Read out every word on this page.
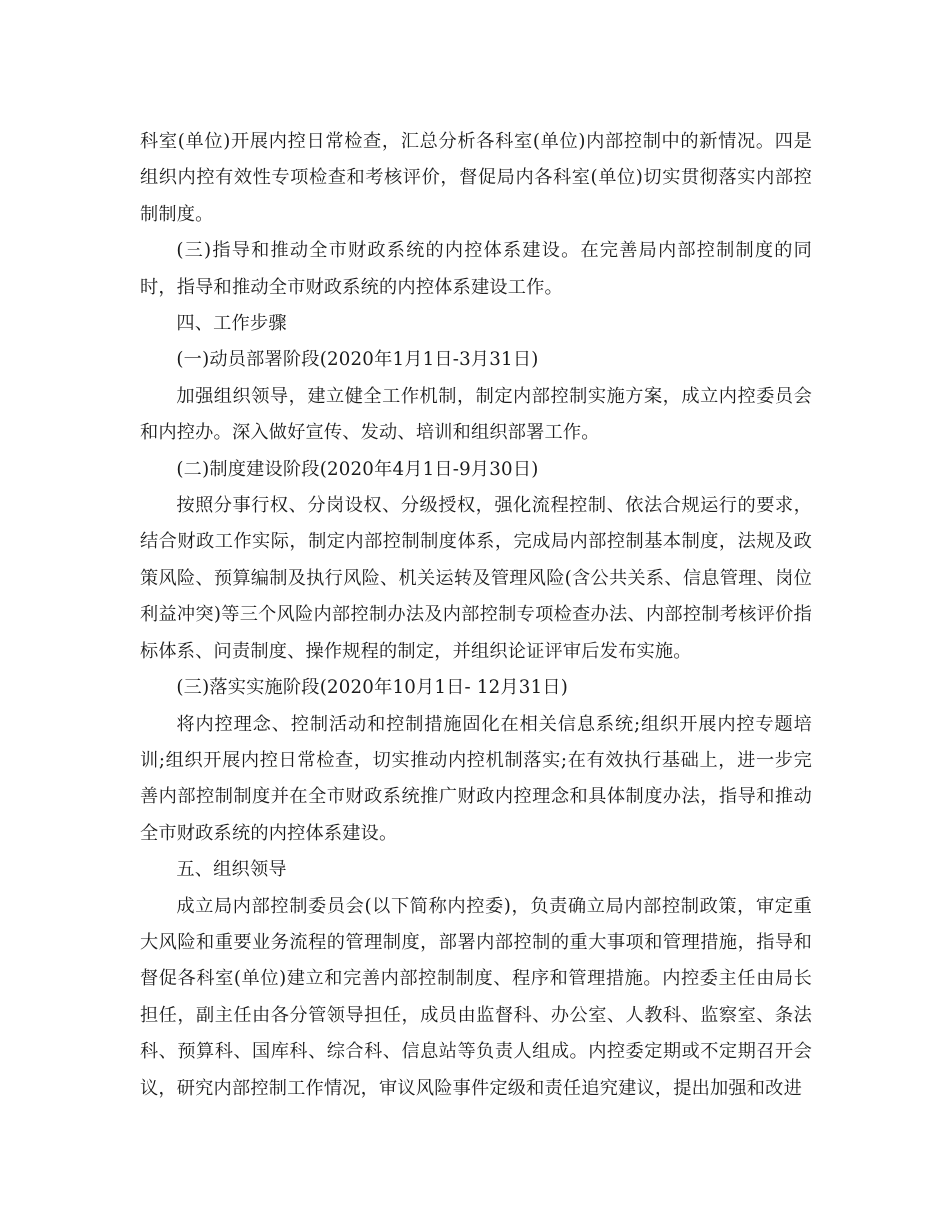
科室(单位)开展内控日常检查，汇总分析各科室(单位)内部控制中的新情况。四是组织内控有效性专项检查和考核评价，督促局内各科室(单位)切实贯彻落实内部控制制度。

(三)指导和推动全市财政系统的内控体系建设。在完善局内部控制制度的同时，指导和推动全市财政系统的内控体系建设工作。

四、工作步骤

(一)动员部署阶段(2020年1月1日-3月31日)

加强组织领导，建立健全工作机制，制定内部控制实施方案，成立内控委员会和内控办。深入做好宣传、发动、培训和组织部署工作。

(二)制度建设阶段(2020年4月1日-9月30日)

按照分事行权、分岗设权、分级授权，强化流程控制、依法合规运行的要求，结合财政工作实际，制定内部控制制度体系，完成局内部控制基本制度，法规及政策风险、预算编制及执行风险、机关运转及管理风险(含公共关系、信息管理、岗位利益冲突)等三个风险内部控制办法及内部控制专项检查办法、内部控制考核评价指标体系、问责制度、操作规程的制定，并组织论证评审后发布实施。

(三)落实实施阶段(2020年10月1日- 12月31日)

将内控理念、控制活动和控制措施固化在相关信息系统;组织开展内控专题培训;组织开展内控日常检查，切实推动内控机制落实;在有效执行基础上，进一步完善内部控制制度并在全市财政系统推广财政内控理念和具体制度办法，指导和推动全市财政系统的内控体系建设。

五、组织领导

成立局内部控制委员会(以下简称内控委)，负责确立局内部控制政策，审定重大风险和重要业务流程的管理制度，部署内部控制的重大事项和管理措施，指导和督促各科室(单位)建立和完善内部控制制度、程序和管理措施。内控委主任由局长担任，副主任由各分管领导担任，成员由监督科、办公室、人教科、监察室、条法科、预算科、国库科、综合科、信息站等负责人组成。内控委定期或不定期召开会议，研究内部控制工作情况，审议风险事件定级和责任追究建议，提出加强和改进
